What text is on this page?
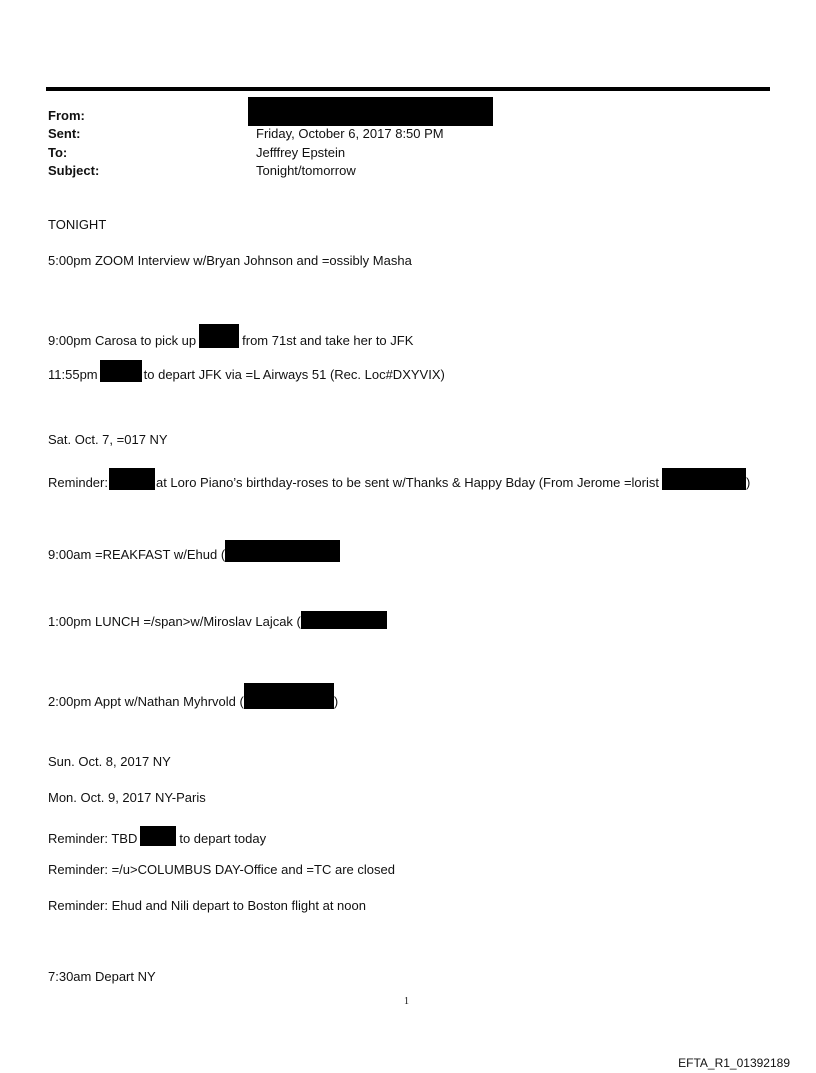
From:
Sent:	Friday, October 6, 2017 8:50 PM
To:	Jefffrey Epstein
Subject:	Tonight/tomorrow
TONIGHT
5:00pm ZOOM Interview w/Bryan Johnson and =ossibly Masha
9:00pm Carosa to pick up	from 71st and take her to JFK
11:55pm	to depart JFK via =L Airways 51 (Rec. Loc#DXYVIX)
Sat. Oct. 7, =017 NY
Reminder:	at Loro Piano’s birthday-roses to be sent w/Thanks & Happy Bday (From Jerome =lorist	)
9:00am =REAKFAST w/Ehud (
1:00pm LUNCH =/span>w/Miroslav Lajcak (
2:00pm Appt w/Nathan Myhrvold (	)
Sun. Oct. 8, 2017 NY
Mon. Oct. 9, 2017 NY-Paris
Reminder: TBD	to depart today
Reminder: =/u>COLUMBUS DAY-Office and =TC are closed
Reminder: Ehud and Nili depart to Boston flight at noon
7:30am Depart NY
1
EFTA_R1_01392189
